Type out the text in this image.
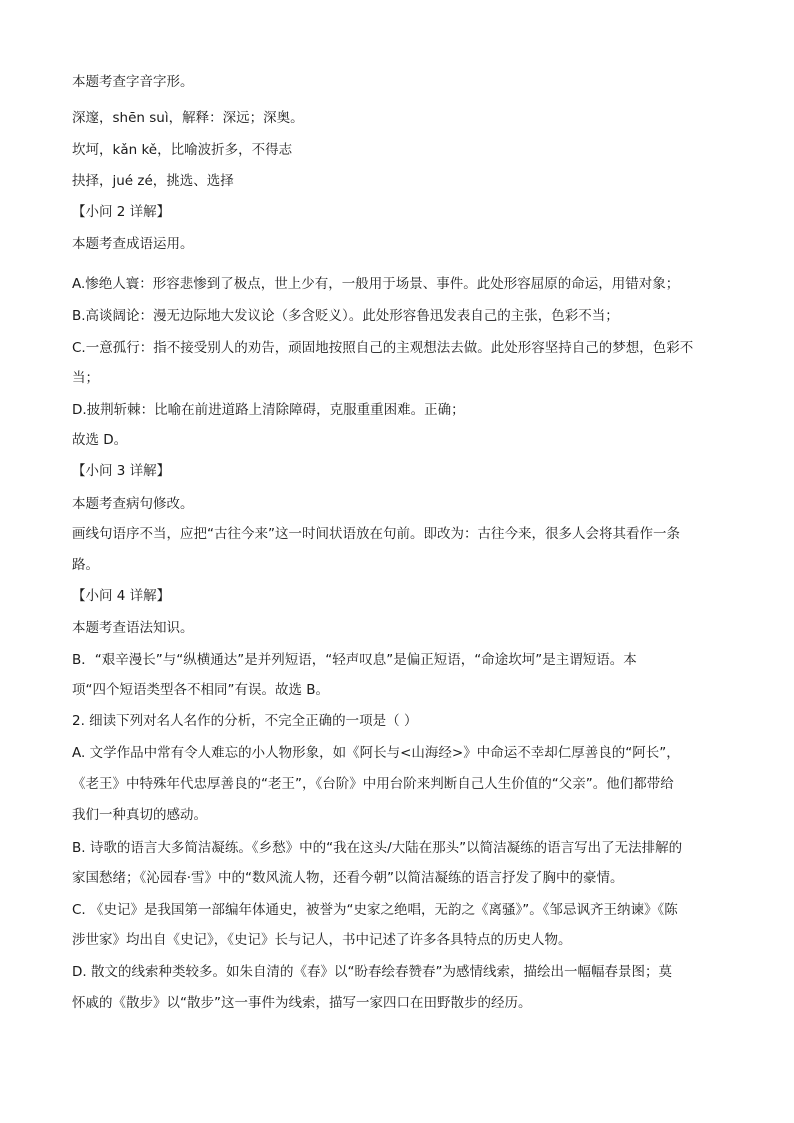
本题考查字音字形。
深邃，shēn suì，解释：深远；深奥。
坎坷，kǎn kě，比喻波折多，不得志
抉择，jué zé，挑选、选择
【小问 2 详解】
本题考查成语运用。
A.惨绝人寰：形容悲惨到了极点，世上少有，一般用于场景、事件。此处形容屈原的命运，用错对象；
B.高谈阔论：漫无边际地大发议论（多含贬义）。此处形容鲁迅发表自己的主张，色彩不当；
C.一意孤行：指不接受别人的劝告，顽固地按照自己的主观想法去做。此处形容坚持自己的梦想，色彩不
当；
D.披荆斩棘：比喻在前进道路上清除障碍，克服重重困难。正确；
故选 D。
【小问 3 详解】
本题考查病句修改。
画线句语序不当，应把“古往今来”这一时间状语放在句前。即改为：古往今来，很多人会将其看作一条
路。
【小问 4 详解】
本题考查语法知识。
B．“艰辛漫长”与“纵横通达”是并列短语，“轻声叹息”是偏正短语，“命途坎坷”是主谓短语。本
项“四个短语类型各不相同”有误。故选 B。
2. 细读下列对名人名作的分析，不完全正确的一项是（ ）
A. 文学作品中常有令人难忘的小人物形象，如《阿长与<山海经>》中命运不幸却仁厚善良的“阿长”，
《老王》中特殊年代忠厚善良的“老王”，《台阶》中用台阶来判断自己人生价值的“父亲”。他们都带给
我们一种真切的感动。
B. 诗歌的语言大多简洁凝练。《乡愁》中的“我在这头/大陆在那头”以简洁凝练的语言写出了无法排解的
家国愁绪；《沁园春·雪》中的“数风流人物，还看今朝”以简洁凝练的语言抒发了胸中的豪情。
C. 《史记》是我国第一部编年体通史，被誉为“史家之绝唱，无韵之《离骚》”。《邹忌讽齐王纳谏》《陈
涉世家》均出自《史记》，《史记》长与记人，书中记述了许多各具特点的历史人物。
D. 散文的线索种类较多。如朱自清的《春》以“盼春绘春赞春”为感情线索，描绘出一幅幅春景图；莫
怀戚的《散步》以“散步”这一事件为线索，描写一家四口在田野散步的经历。
